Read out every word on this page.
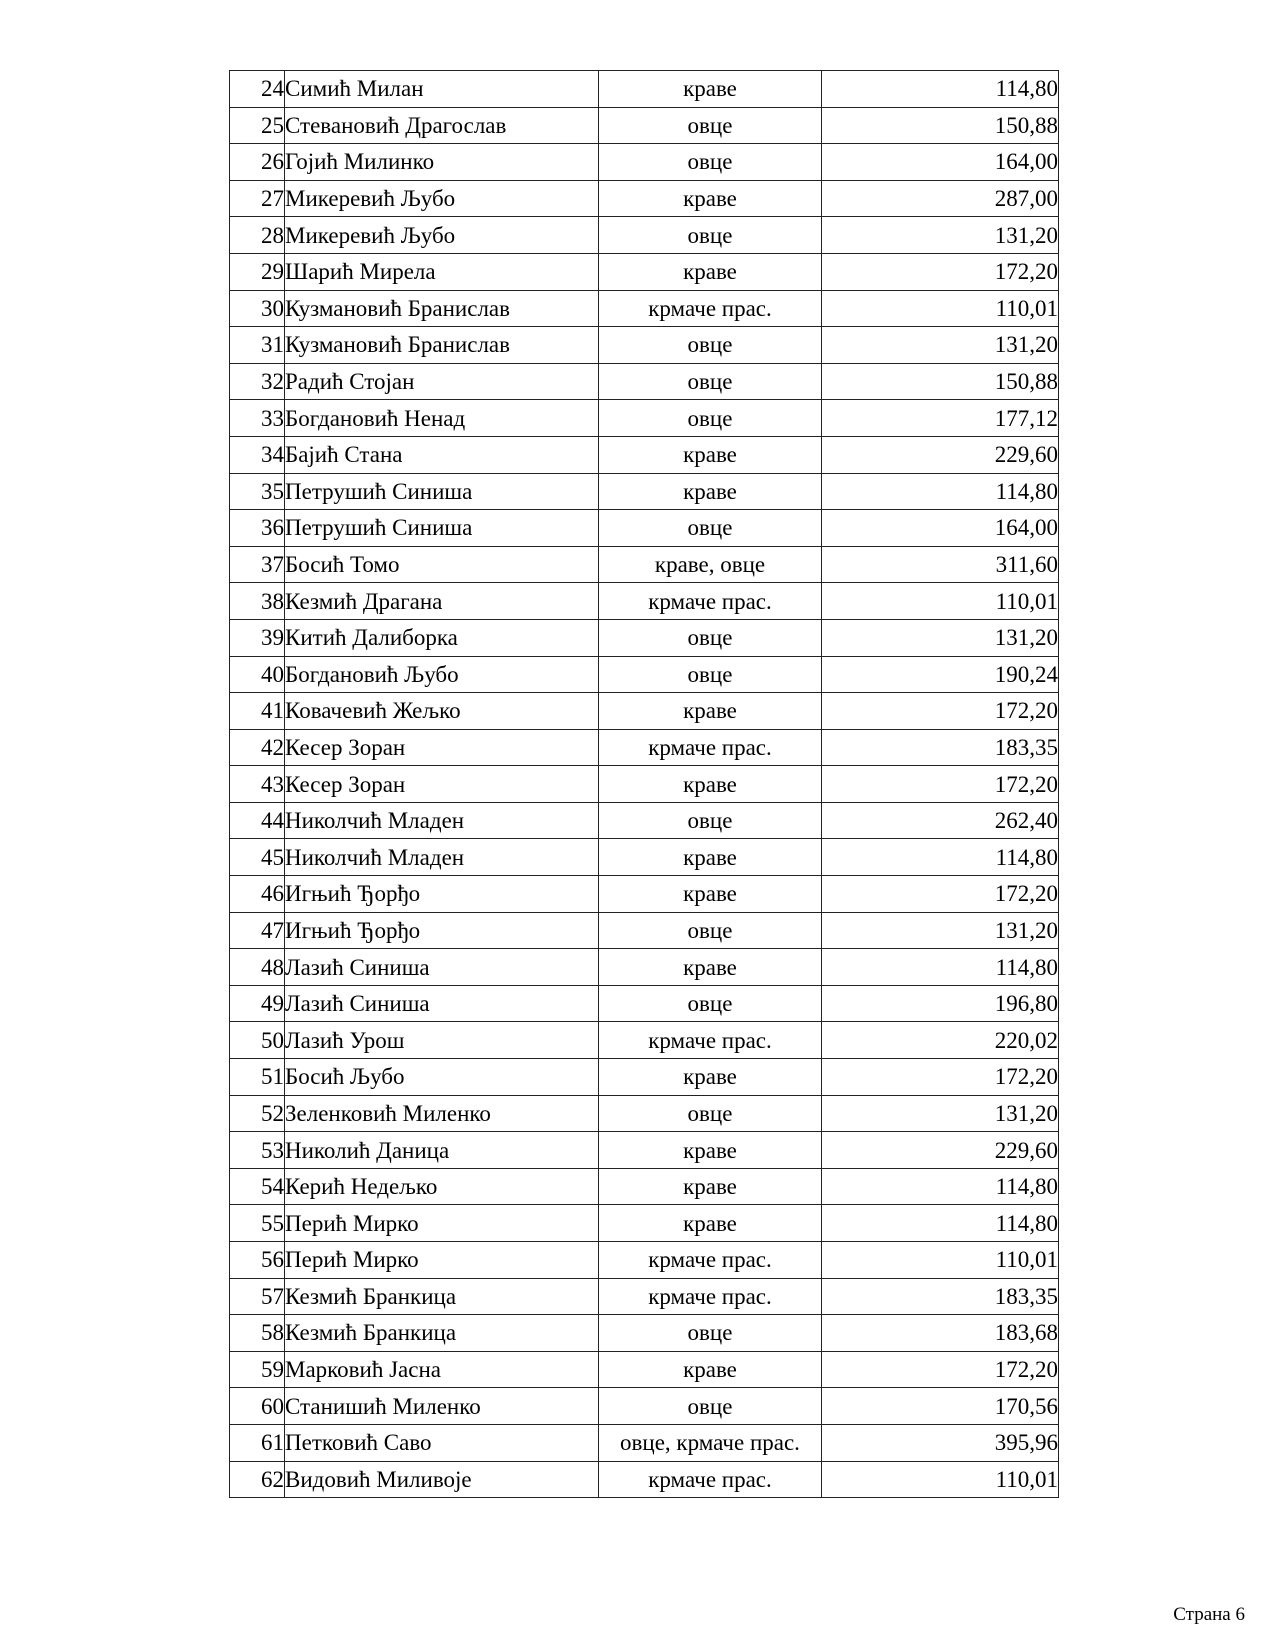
24	Симић Милан	краве	114,80
25	Стевановић Драгослав	овце	150,88
26	Гојић Милинко	овце	164,00
27	Микеревић Љубо	краве	287,00
28	Микеревић Љубо	овце	131,20
29	Шарић Мирела	краве	172,20
30	Кузмановић Бранислав	крмаче прас.	110,01
31	Кузмановић Бранислав	овце	131,20
32	Радић Стојан	овце	150,88
33	Богдановић Ненад	овце	177,12
34	Бајић Стана	краве	229,60
35	Петрушић Синиша	краве	114,80
36	Петрушић Синиша	овце	164,00
37	Босић Томо	краве, овце	311,60
38	Кезмић Драгана	крмаче прас.	110,01
39	Китић Далиборка	овце	131,20
40	Богдановић Љубо	овце	190,24
41	Ковачевић Жељко	краве	172,20
42	Кесер Зоран	крмаче прас.	183,35
43	Кесер Зоран	краве	172,20
44	Николчић Младен	овце	262,40
45	Николчић Младен	краве	114,80
46	Игњић Ђорђо	краве	172,20
47	Игњић Ђорђо	овце	131,20
48	Лазић Синиша	краве	114,80
49	Лазић Синиша	овце	196,80
50	Лазић Урош	крмаче прас.	220,02
51	Босић Љубо	краве	172,20
52	Зеленковић Миленко	овце	131,20
53	Николић Даница	краве	229,60
54	Керић Недељко	краве	114,80
55	Перић Мирко	краве	114,80
56	Перић Мирко	крмаче прас.	110,01
57	Кезмић Бранкица	крмаче прас.	183,35
58	Кезмић Бранкица	овце	183,68
59	Марковић Јасна	краве	172,20
60	Станишић Миленко	овце	170,56
61	Петковић Саво	овце, крмаче прас.	395,96
62	Видовић Миливоје	крмаче прас.	110,01
Страна 6
